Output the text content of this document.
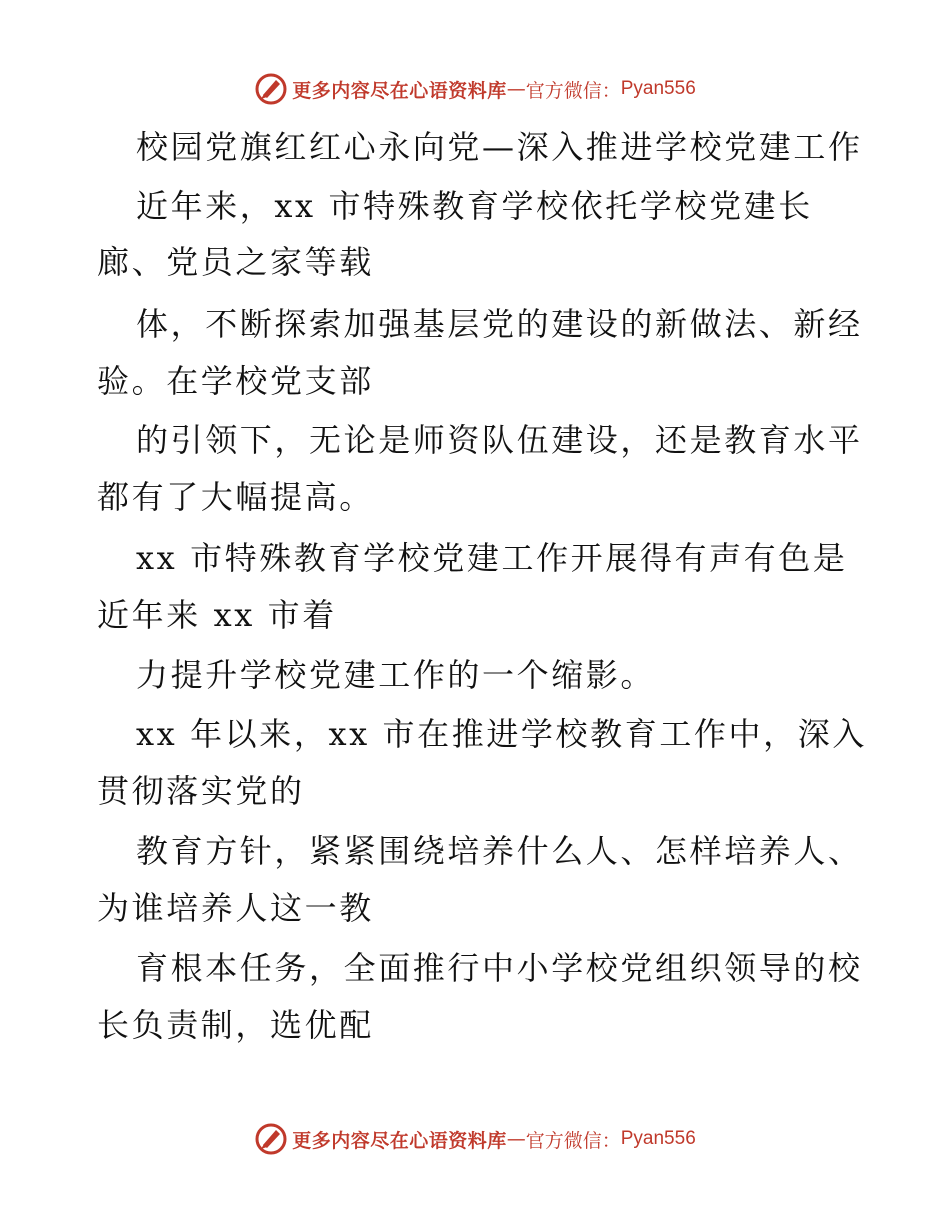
更多内容尽在心语资料库 — 官方微信： Pyan556
校园党旗红红心永向党—深入推进学校党建工作
近年来，xx 市特殊教育学校依托学校党建长
廊、党员之家等载
体，不断探索加强基层党的建设的新做法、新经
验。在学校党支部
的引领下，无论是师资队伍建设，还是教育水平
都有了大幅提高。
xx 市特殊教育学校党建工作开展得有声有色是
近年来 xx 市着
力提升学校党建工作的一个缩影。
xx 年以来，xx 市在推进学校教育工作中，深入
贯彻落实党的
教育方针，紧紧围绕培养什么人、怎样培养人、
为谁培养人这一教
育根本任务，全面推行中小学校党组织领导的校
长负责制，选优配
更多内容尽在心语资料库 — 官方微信： Pyan556
